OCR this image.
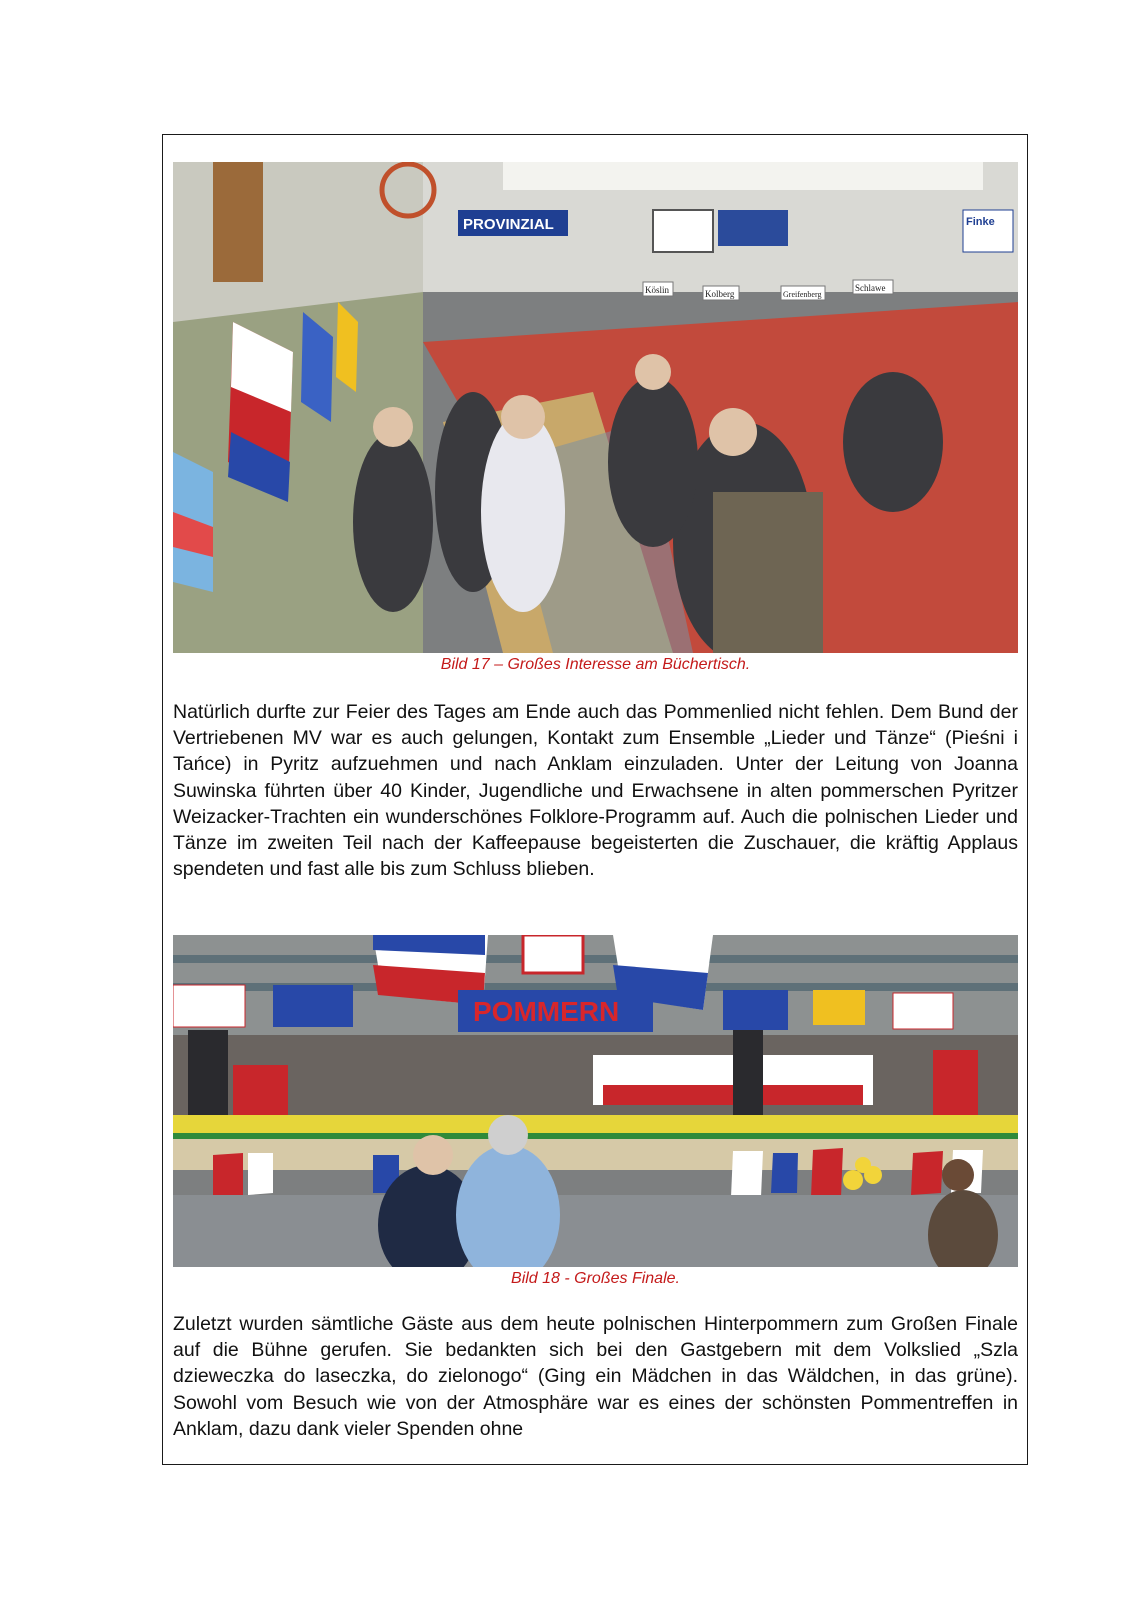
PROVINZIAL	Finke
Köslin	Kolberg	Greifenberg
Schlawe
Bild 17 – Großes Interesse am Büchertisch.

Natürlich durfte zur Feier des Tages am Ende auch das Pommenlied nicht fehlen. Dem Bund der Vertriebenen MV war es auch gelungen, Kontakt zum Ensemble „Lieder und Tänze“ (Pieśni i Tańce) in Pyritz aufzuehmen und nach Anklam einzuladen. Unter der Leitung von Joanna Suwinska führten über 40 Kinder, Jugendliche und Erwachsene in alten pommerschen Pyritzer Weizacker-Trachten ein wunderschönes Folklore-Programm auf. Auch die polnischen Lieder und Tänze im zweiten Teil nach der Kaffeepause begeisterten die Zuschauer, die kräftig Applaus spendeten und fast alle bis zum Schluss blieben.

POMMERN
Bild 18 - Großes Finale.

Zuletzt wurden sämtliche Gäste aus dem heute polnischen Hinterpommern zum Großen Finale auf die Bühne gerufen. Sie bedankten sich bei den Gastgebern mit dem Volkslied „Szla dzieweczka do laseczka, do zielonogo“ (Ging ein Mädchen in das Wäldchen, in das grüne). Sowohl vom Besuch wie von der Atmosphäre war es eines der schönsten Pommentreffen in Anklam, dazu dank vieler Spenden ohne
